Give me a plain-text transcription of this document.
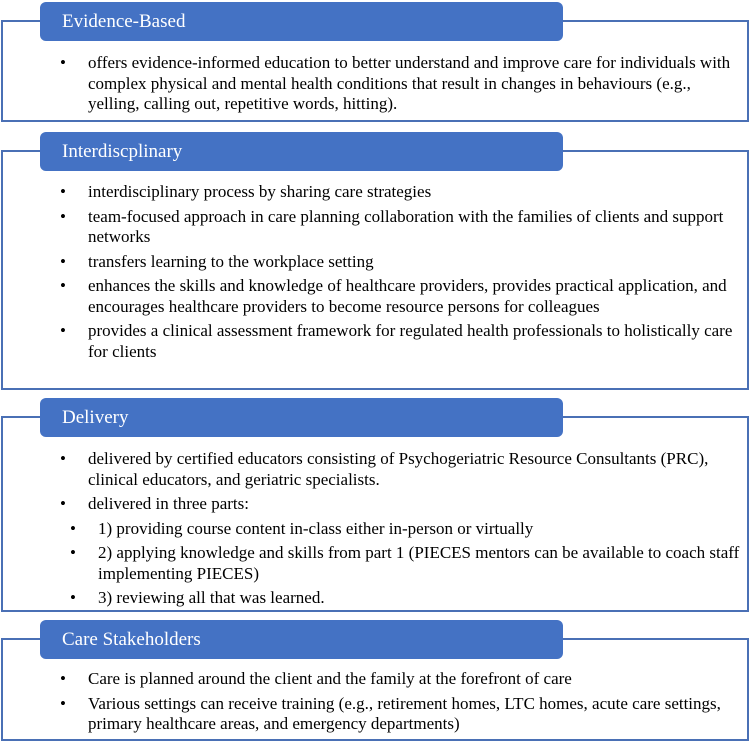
Evidence-Based
• offers evidence-informed education to better understand and improve care for individuals with complex physical and mental health conditions that result in changes in behaviours (e.g., yelling, calling out, repetitive words, hitting).
Interdiscplinary
• interdisciplinary process by sharing care strategies
• team-focused approach in care planning collaboration with the families of clients and support networks
• transfers learning to the workplace setting
• enhances the skills and knowledge of healthcare providers, provides practical application, and encourages healthcare providers to become resource persons for colleagues
• provides a clinical assessment framework for regulated health professionals to holistically care for clients
Delivery
• delivered by certified educators consisting of Psychogeriatric Resource Consultants (PRC), clinical educators, and geriatric specialists.
• delivered in three parts:
• 1) providing course content in-class either in-person or virtually
• 2) applying knowledge and skills from part 1 (PIECES mentors can be available to coach staff implementing PIECES)
• 3) reviewing all that was learned.
Care Stakeholders
• Care is planned around the client and the family at the forefront of care
• Various settings can receive training (e.g., retirement homes, LTC homes, acute care settings, primary healthcare areas, and emergency departments)
